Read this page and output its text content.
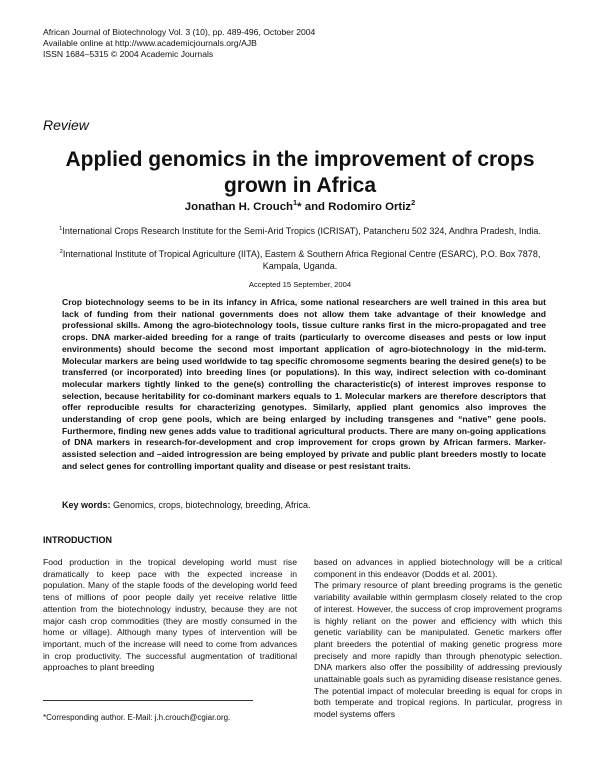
African Journal of Biotechnology Vol. 3 (10), pp. 489-496, October 2004
Available online at http://www.academicjournals.org/AJB
ISSN 1684–5315 © 2004 Academic Journals
Review
Applied genomics in the improvement of crops grown in Africa
Jonathan H. Crouch$^1$* and Rodomiro Ortiz$^2$
$^1$International Crops Research Institute for the Semi-Arid Tropics (ICRISAT), Patancheru 502 324, Andhra Pradesh, India.
$^2$International Institute of Tropical Agriculture (IITA), Eastern & Southern Africa Regional Centre (ESARC), P.O. Box 7878, Kampala, Uganda.
Accepted 15 September, 2004
Crop biotechnology seems to be in its infancy in Africa, some national researchers are well trained in this area but lack of funding from their national governments does not allow them take advantage of their knowledge and professional skills. Among the agro-biotechnology tools, tissue culture ranks first in the micro-propagated and tree crops. DNA marker-aided breeding for a range of traits (particularly to overcome diseases and pests or low input environments) should become the second most important application of agro-biotechnology in the mid-term. Molecular markers are being used worldwide to tag specific chromosome segments bearing the desired gene(s) to be transferred (or incorporated) into breeding lines (or populations). In this way, indirect selection with co-dominant molecular markers tightly linked to the gene(s) controlling the characteristic(s) of interest improves response to selection, because heritability for co-dominant markers equals to 1. Molecular markers are therefore descriptors that offer reproducible results for characterizing genotypes. Similarly, applied plant genomics also improves the understanding of crop gene pools, which are being enlarged by including transgenes and “native” gene pools. Furthermore, finding new genes adds value to traditional agricultural products. There are many on-going applications of DNA markers in research-for-development and crop improvement for crops grown by African farmers. Marker-assisted selection and –aided introgression are being employed by private and public plant breeders mostly to locate and select genes for controlling important quality and disease or pest resistant traits.
Key words: Genomics, crops, biotechnology, breeding, Africa.
INTRODUCTION
Food production in the tropical developing world must rise dramatically to keep pace with the expected increase in population. Many of the staple foods of the developing world feed tens of millions of poor people daily yet receive relative little attention from the biotechnology industry, because they are not major cash crop commodities (they are mostly consumed in the home or village). Although many types of intervention will be important, much of the increase will need to come from advances in crop productivity. The successful augmentation of traditional approaches to plant breeding
based on advances in applied biotechnology will be a critical component in this endeavor (Dodds et al. 2001).
The primary resource of plant breeding programs is the genetic variability available within germplasm closely related to the crop of interest. However, the success of crop improvement programs is highly reliant on the power and efficiency with which this genetic variability can be manipulated. Genetic markers offer plant breeders the potential of making genetic progress more precisely and more rapidly than through phenotypic selection. DNA markers also offer the possibility of addressing previously unattainable goals such as pyramiding disease resistance genes. The potential impact of molecular breeding is equal for crops in both temperate and tropical regions. In particular, progress in model systems offers
*Corresponding author. E-Mail: j.h.crouch@cgiar.org.
